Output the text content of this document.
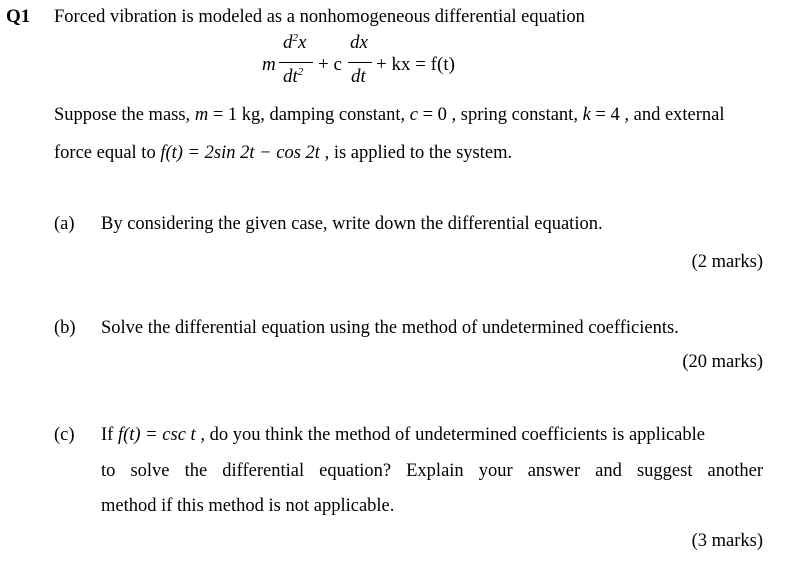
Q1 Forced vibration is modeled as a nonhomogeneous differential equation
m
$d^2x$
$dt^2 + c$
dx
dt
+ kx = f(t)
Suppose the mass, m = 1 kg, damping constant, c = 0 , spring constant, k = 4 , and external
force equal to f(t) = 2sin 2t − cos 2t , is applied to the system.
(a) By considering the given case, write down the differential equation.
(2 marks)
(b) Solve the differential equation using the method of undetermined coefficients.
(20 marks)
(c) If f(t) = csc t , do you think the method of undetermined coefficients is applicable
to solve the differential equation? Explain your answer and suggest another
method if this method is not applicable.
(3 marks)
